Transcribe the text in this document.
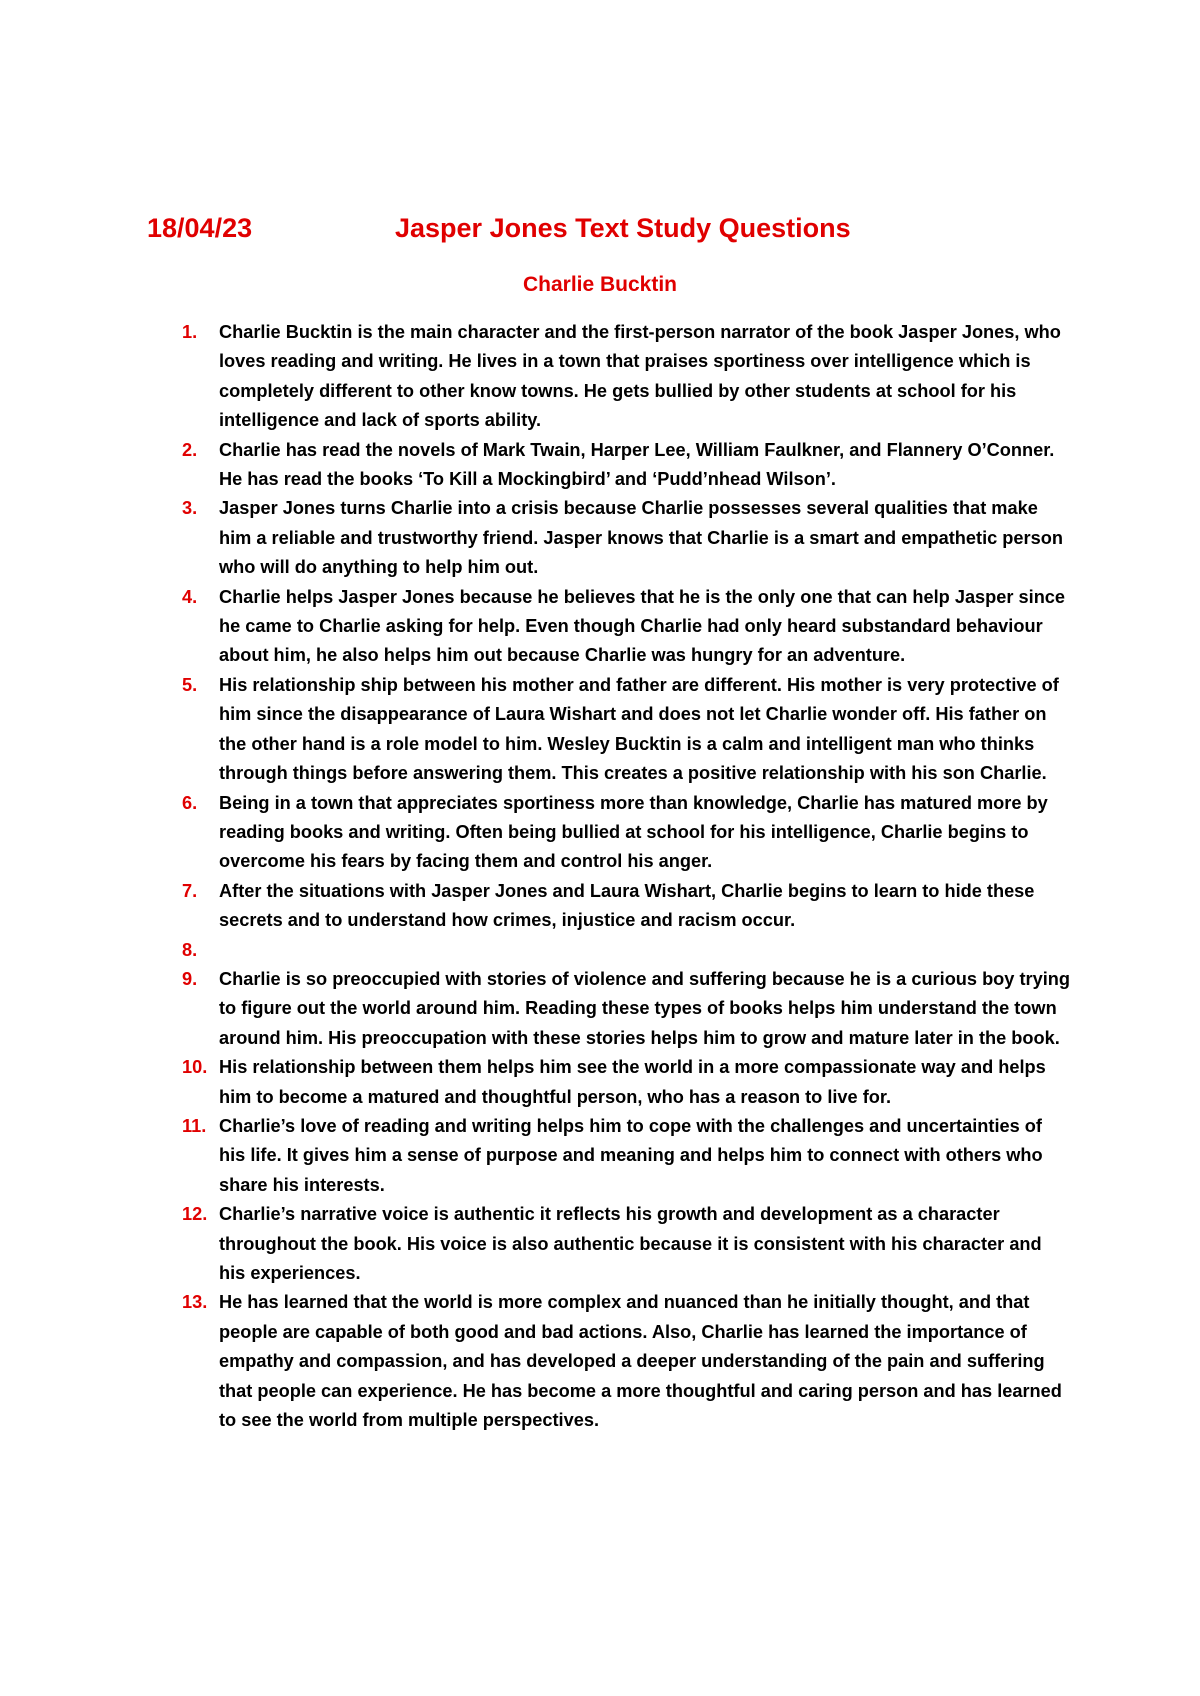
18/04/23	Jasper Jones Text Study Questions
Charlie Bucktin
1. Charlie Bucktin is the main character and the first-person narrator of the book Jasper Jones, who loves reading and writing. He lives in a town that praises sportiness over intelligence which is completely different to other know towns. He gets bullied by other students at school for his intelligence and lack of sports ability.
2. Charlie has read the novels of Mark Twain, Harper Lee, William Faulkner, and Flannery O’Conner. He has read the books ‘To Kill a Mockingbird’ and ‘Pudd’nhead Wilson’.
3. Jasper Jones turns Charlie into a crisis because Charlie possesses several qualities that make him a reliable and trustworthy friend. Jasper knows that Charlie is a smart and empathetic person who will do anything to help him out.
4. Charlie helps Jasper Jones because he believes that he is the only one that can help Jasper since he came to Charlie asking for help. Even though Charlie had only heard substandard behaviour about him, he also helps him out because Charlie was hungry for an adventure.
5. His relationship ship between his mother and father are different. His mother is very protective of him since the disappearance of Laura Wishart and does not let Charlie wonder off. His father on the other hand is a role model to him. Wesley Bucktin is a calm and intelligent man who thinks through things before answering them. This creates a positive relationship with his son Charlie.
6. Being in a town that appreciates sportiness more than knowledge, Charlie has matured more by reading books and writing. Often being bullied at school for his intelligence, Charlie begins to overcome his fears by facing them and control his anger.
7. After the situations with Jasper Jones and Laura Wishart, Charlie begins to learn to hide these secrets and to understand how crimes, injustice and racism occur.
8.
9. Charlie is so preoccupied with stories of violence and suffering because he is a curious boy trying to figure out the world around him. Reading these types of books helps him understand the town around him. His preoccupation with these stories helps him to grow and mature later in the book.
10. His relationship between them helps him see the world in a more compassionate way and helps him to become a matured and thoughtful person, who has a reason to live for.
11. Charlie’s love of reading and writing helps him to cope with the challenges and uncertainties of his life. It gives him a sense of purpose and meaning and helps him to connect with others who share his interests.
12. Charlie’s narrative voice is authentic it reflects his growth and development as a character throughout the book. His voice is also authentic because it is consistent with his character and his experiences.
13. He has learned that the world is more complex and nuanced than he initially thought, and that people are capable of both good and bad actions. Also, Charlie has learned the importance of empathy and compassion, and has developed a deeper understanding of the pain and suffering that people can experience. He has become a more thoughtful and caring person and has learned to see the world from multiple perspectives.
